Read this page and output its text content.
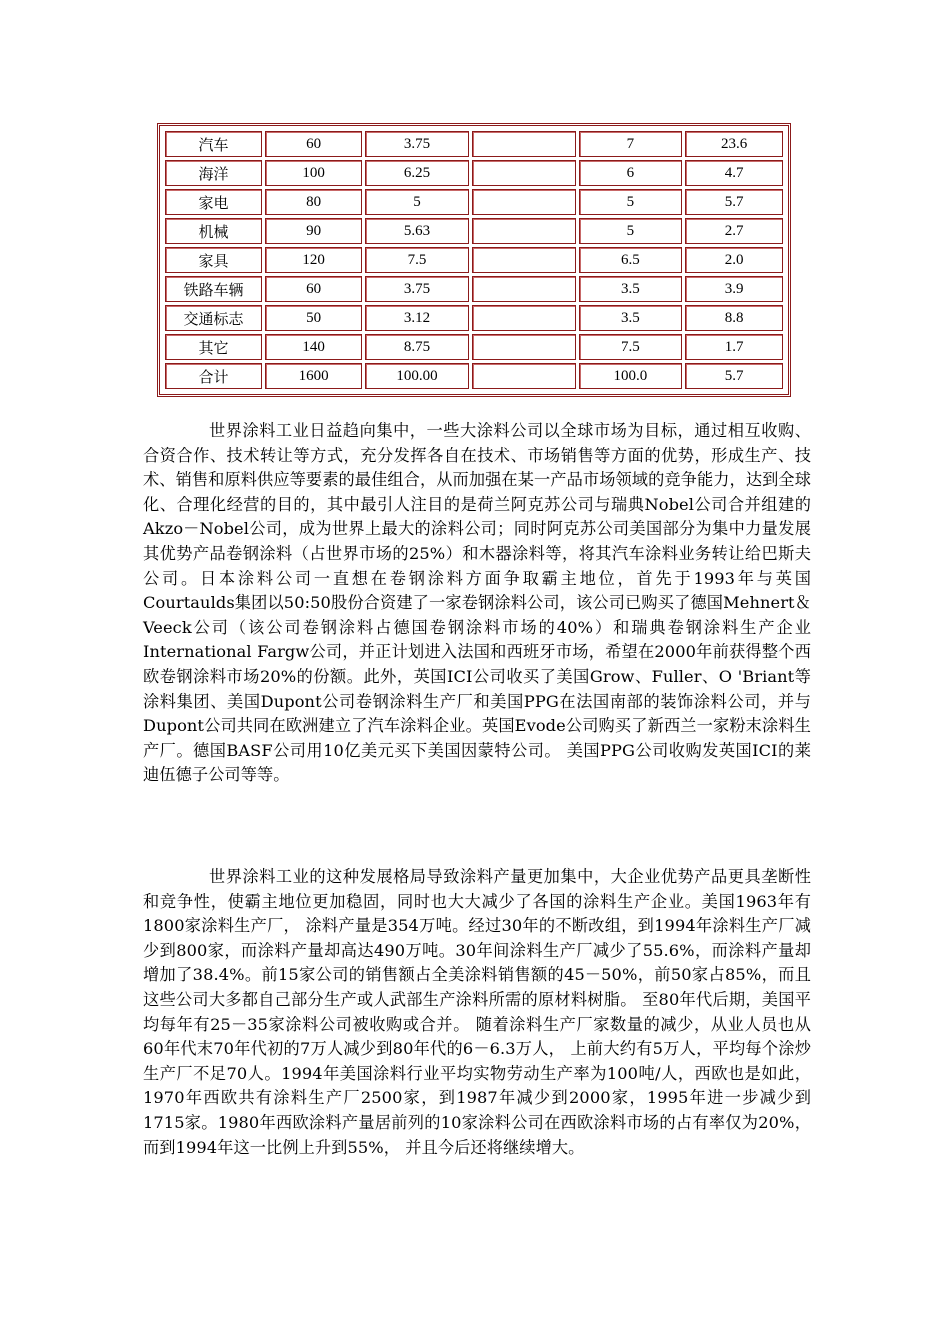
汽车	60	3.75		7	23.6
海洋	100	6.25		6	4.7
家电	80	5		5	5.7
机械	90	5.63		5	2.7
家具	120	7.5		6.5	2.0
铁路车辆	60	3.75		3.5	3.9
交通标志	50	3.12		3.5	8.8
其它	140	8.75		7.5	1.7
合计	1600	100.00		100.0	5.7

世界涂料工业日益趋向集中，一些大涂料公司以全球市场为目标，通过相互收购、合资合作、技术转让等方式，充分发挥各自在技术、市场销售等方面的优势，形成生产、技术、销售和原料供应等要素的最佳组合，从而加强在某一产品市场领域的竞争能力，达到全球化、合理化经营的目的，其中最引人注目的是荷兰阿克苏公司与瑞典Nobel公司合并组建的Akzo－Nobel公司，成为世界上最大的涂料公司；同时阿克苏公司美国部分为集中力量发展其优势产品卷钢涂料（占世界市场的25%）和木器涂料等，将其汽车涂料业务转让给巴斯夫公司。日本涂料公司一直想在卷钢涂料方面争取霸主地位，首先于1993年与英国Courtaulds集团以50:50股份合资建了一家卷钢涂料公司，该公司已购买了德国Mehnert＆ Veeck公司（该公司卷钢涂料占德国卷钢涂料市场的40%）和瑞典卷钢涂料生产企业International Fargw公司，并正计划进入法国和西班牙市场，希望在2000年前获得整个西欧卷钢涂料市场20%的份额。此外，英国ICI公司收买了美国Grow、Fuller、O 'Briant等涂料集团、美国Dupont公司卷钢涂料生产厂和美国PPG在法国南部的装饰涂料公司，并与Dupont公司共同在欧洲建立了汽车涂料企业。英国Evode公司购买了新西兰一家粉末涂料生产厂。德国BASF公司用10亿美元买下美国因蒙特公司。 美国PPG公司收购发英国ICI的莱迪伍德子公司等等。

世界涂料工业的这种发展格局导致涂料产量更加集中，大企业优势产品更具垄断性和竞争性，使霸主地位更加稳固，同时也大大减少了各国的涂料生产企业。美国1963年有1800家涂料生产厂， 涂料产量是354万吨。经过30年的不断改组，到1994年涂料生产厂减少到800家，而涂料产量却高达490万吨。30年间涂料生产厂减少了55.6%，而涂料产量却增加了38.4%。前15家公司的销售额占全美涂料销售额的45－50%，前50家占85%，而且这些公司大多都自己部分生产或人武部生产涂料所需的原材料树脂。 至80年代后期，美国平均每年有25－35家涂料公司被收购或合并。 随着涂料生产厂家数量的减少，从业人员也从60年代末70年代初的7万人减少到80年代的6－6.3万人， 上前大约有5万人，平均每个涂炒生产厂不足70人。1994年美国涂料行业平均实物劳动生产率为100吨/人，西欧也是如此，1970年西欧共有涂料生产厂2500家，到1987年减少到2000家，1995年进一步减少到1715家。1980年西欧涂料产量居前列的10家涂料公司在西欧涂料市场的占有率仅为20%， 而到1994年这一比例上升到55%， 并且今后还将继续增大。
